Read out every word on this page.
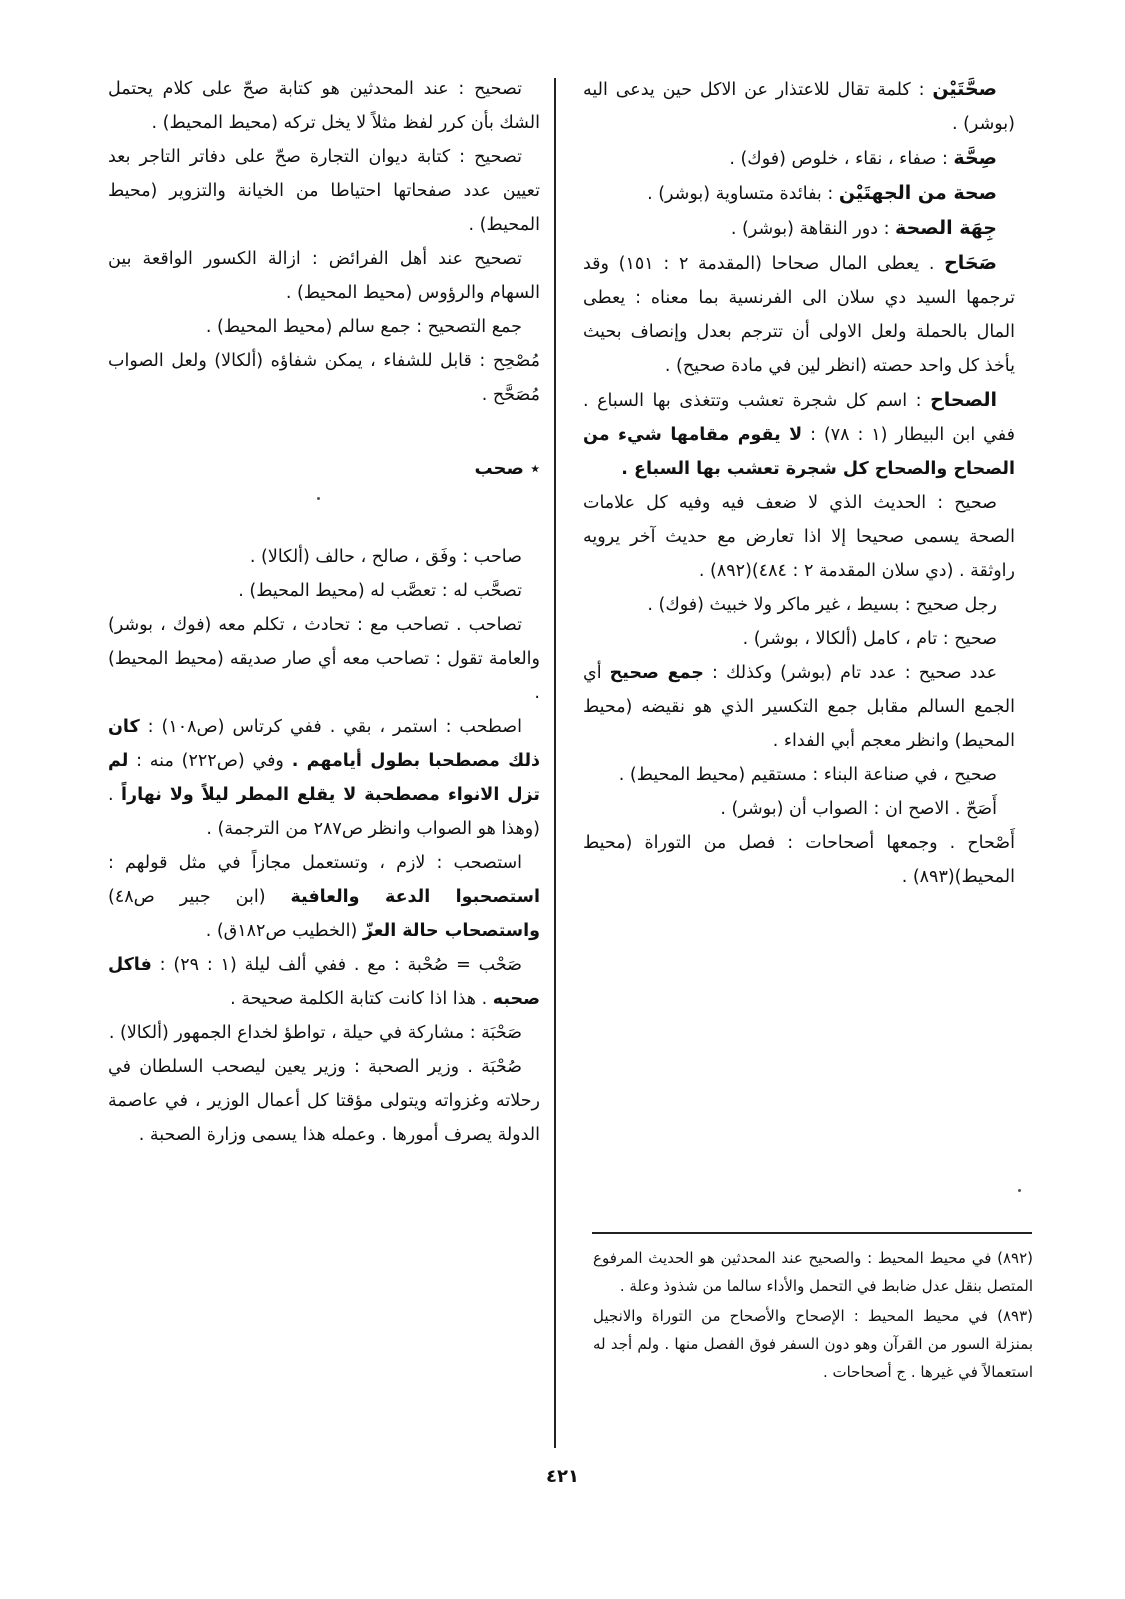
صحَّتَيْن : كلمة تقال للاعتذار عن الاكل حين يدعى اليه (بوشر) .

صِحَّة : صفاء ، نقاء ، خلوص (فوك) .

صحة من الجهتَيْن : بفائدة متساوية (بوشر) .

جِهَة الصحة : دور النقاهة (بوشر) .

صَحَاح . يعطى المال صحاحا (المقدمة ٢ : ١٥١) وقد ترجمها السيد دي سلان الى الفرنسية بما معناه : يعطى المال بالحملة ولعل الاولى أن تترجم بعدل وإنصاف بحيث يأخذ كل واحد حصته (انظر لين في مادة صحيح) .

الصحاح : اسم كل شجرة تعشب وتتغذى بها السباع . ففي ابن البيطار (١ : ٧٨) : لا يقوم مقامها شيء من الصحاح والصحاح كل شجرة تعشب بها السباع .

صحيح : الحديث الذي لا ضعف فيه وفيه كل علامات الصحة يسمى صحيحا إلا اذا تعارض مع حديث آخر يرويه راوثقة . (دي سلان المقدمة ٢ : ٤٨٤)(٨٩٢) .

رجل صحيح : بسيط ، غير ماكر ولا خبيث (فوك) .

صحيح : تام ، كامل (ألكالا ، بوشر) .

عدد صحيح : عدد تام (بوشر) وكذلك : جمع صحيح أي الجمع السالم مقابل جمع التكسير الذي هو نقيضه (محيط المحيط) وانظر معجم أبي الفداء .

صحيح ، في صناعة البناء : مستقيم (محيط المحيط) .

أَصَحّ . الاصح ان : الصواب أن (بوشر) .

أَصْحاح . وجمعها أصحاحات : فصل من التوراة (محيط المحيط)(٨٩٣) .

تصحيح : عند المحدثين هو كتابة صحّ على كلام يحتمل الشك بأن كرر لفظ مثلاً لا يخل تركه (محيط المحيط) .

تصحيح : كتابة ديوان التجارة صحّ على دفاتر التاجر بعد تعيين عدد صفحاتها احتياطا من الخيانة والتزوير (محيط المحيط) .

تصحيح عند أهل الفرائض : ازالة الكسور الواقعة بين السهام والرؤوس (محيط المحيط) .

جمع التصحيح : جمع سالم (محيط المحيط) .

مُصْحِح : قابل للشفاء ، يمكن شفاؤه (ألكالا) ولعل الصواب مُصَحَّح .

٭ صحب

صاحب : وفَق ، صالح ، حالف (ألكالا) .

تصحَّب له : تعصَّب له (محيط المحيط) .

تصاحب . تصاحب مع : تحادث ، تكلم معه (فوك ، بوشر) والعامة تقول : تصاحب معه أي صار صديقه (محيط المحيط) .

اصطحب : استمر ، بقي . ففي كرتاس (ص١٠٨) : كان ذلك مصطحبا بطول أيامهم . وفي (ص٢٢٢) منه : لم تزل الانواء مصطحبة لا يقلع المطر ليلاً ولا نهاراً . (وهذا هو الصواب وانظر ص٢٨٧ من الترجمة) .

استصحب : لازم ، وتستعمل مجازاً في مثل قولهم : استصحبوا الدعة والعافية (ابن جبير ص٤٨) واستصحاب حالة العزّ (الخطيب ص١٨٢ق) .

صَحْب = صُحْبة : مع . ففي ألف ليلة (١ : ٢٩) : فاكل صحبه . هذا اذا كانت كتابة الكلمة صحيحة .

صَحْبَة : مشاركة في حيلة ، تواطؤ لخداع الجمهور (ألكالا) .

صُحْبَة . وزير الصحبة : وزير يعين ليصحب السلطان في رحلاته وغزواته ويتولى مؤقتا كل أعمال الوزير ، في عاصمة الدولة يصرف أمورها . وعمله هذا يسمى وزارة الصحبة .

(٨٩٢) في محيط المحيط : والصحيح عند المحدثين هو الحديث المرفوع المتصل بنقل عدل ضابط في التحمل والأداء سالما من شذوذ وعلة .

(٨٩٣) في محيط المحيط : الإصحاح والأصحاح من التوراة والانجيل بمنزلة السور من القرآن وهو دون السفر فوق الفصل منها . ولم أجد له استعمالاً في غيرها . ج أصحاحات .

٤٢١
